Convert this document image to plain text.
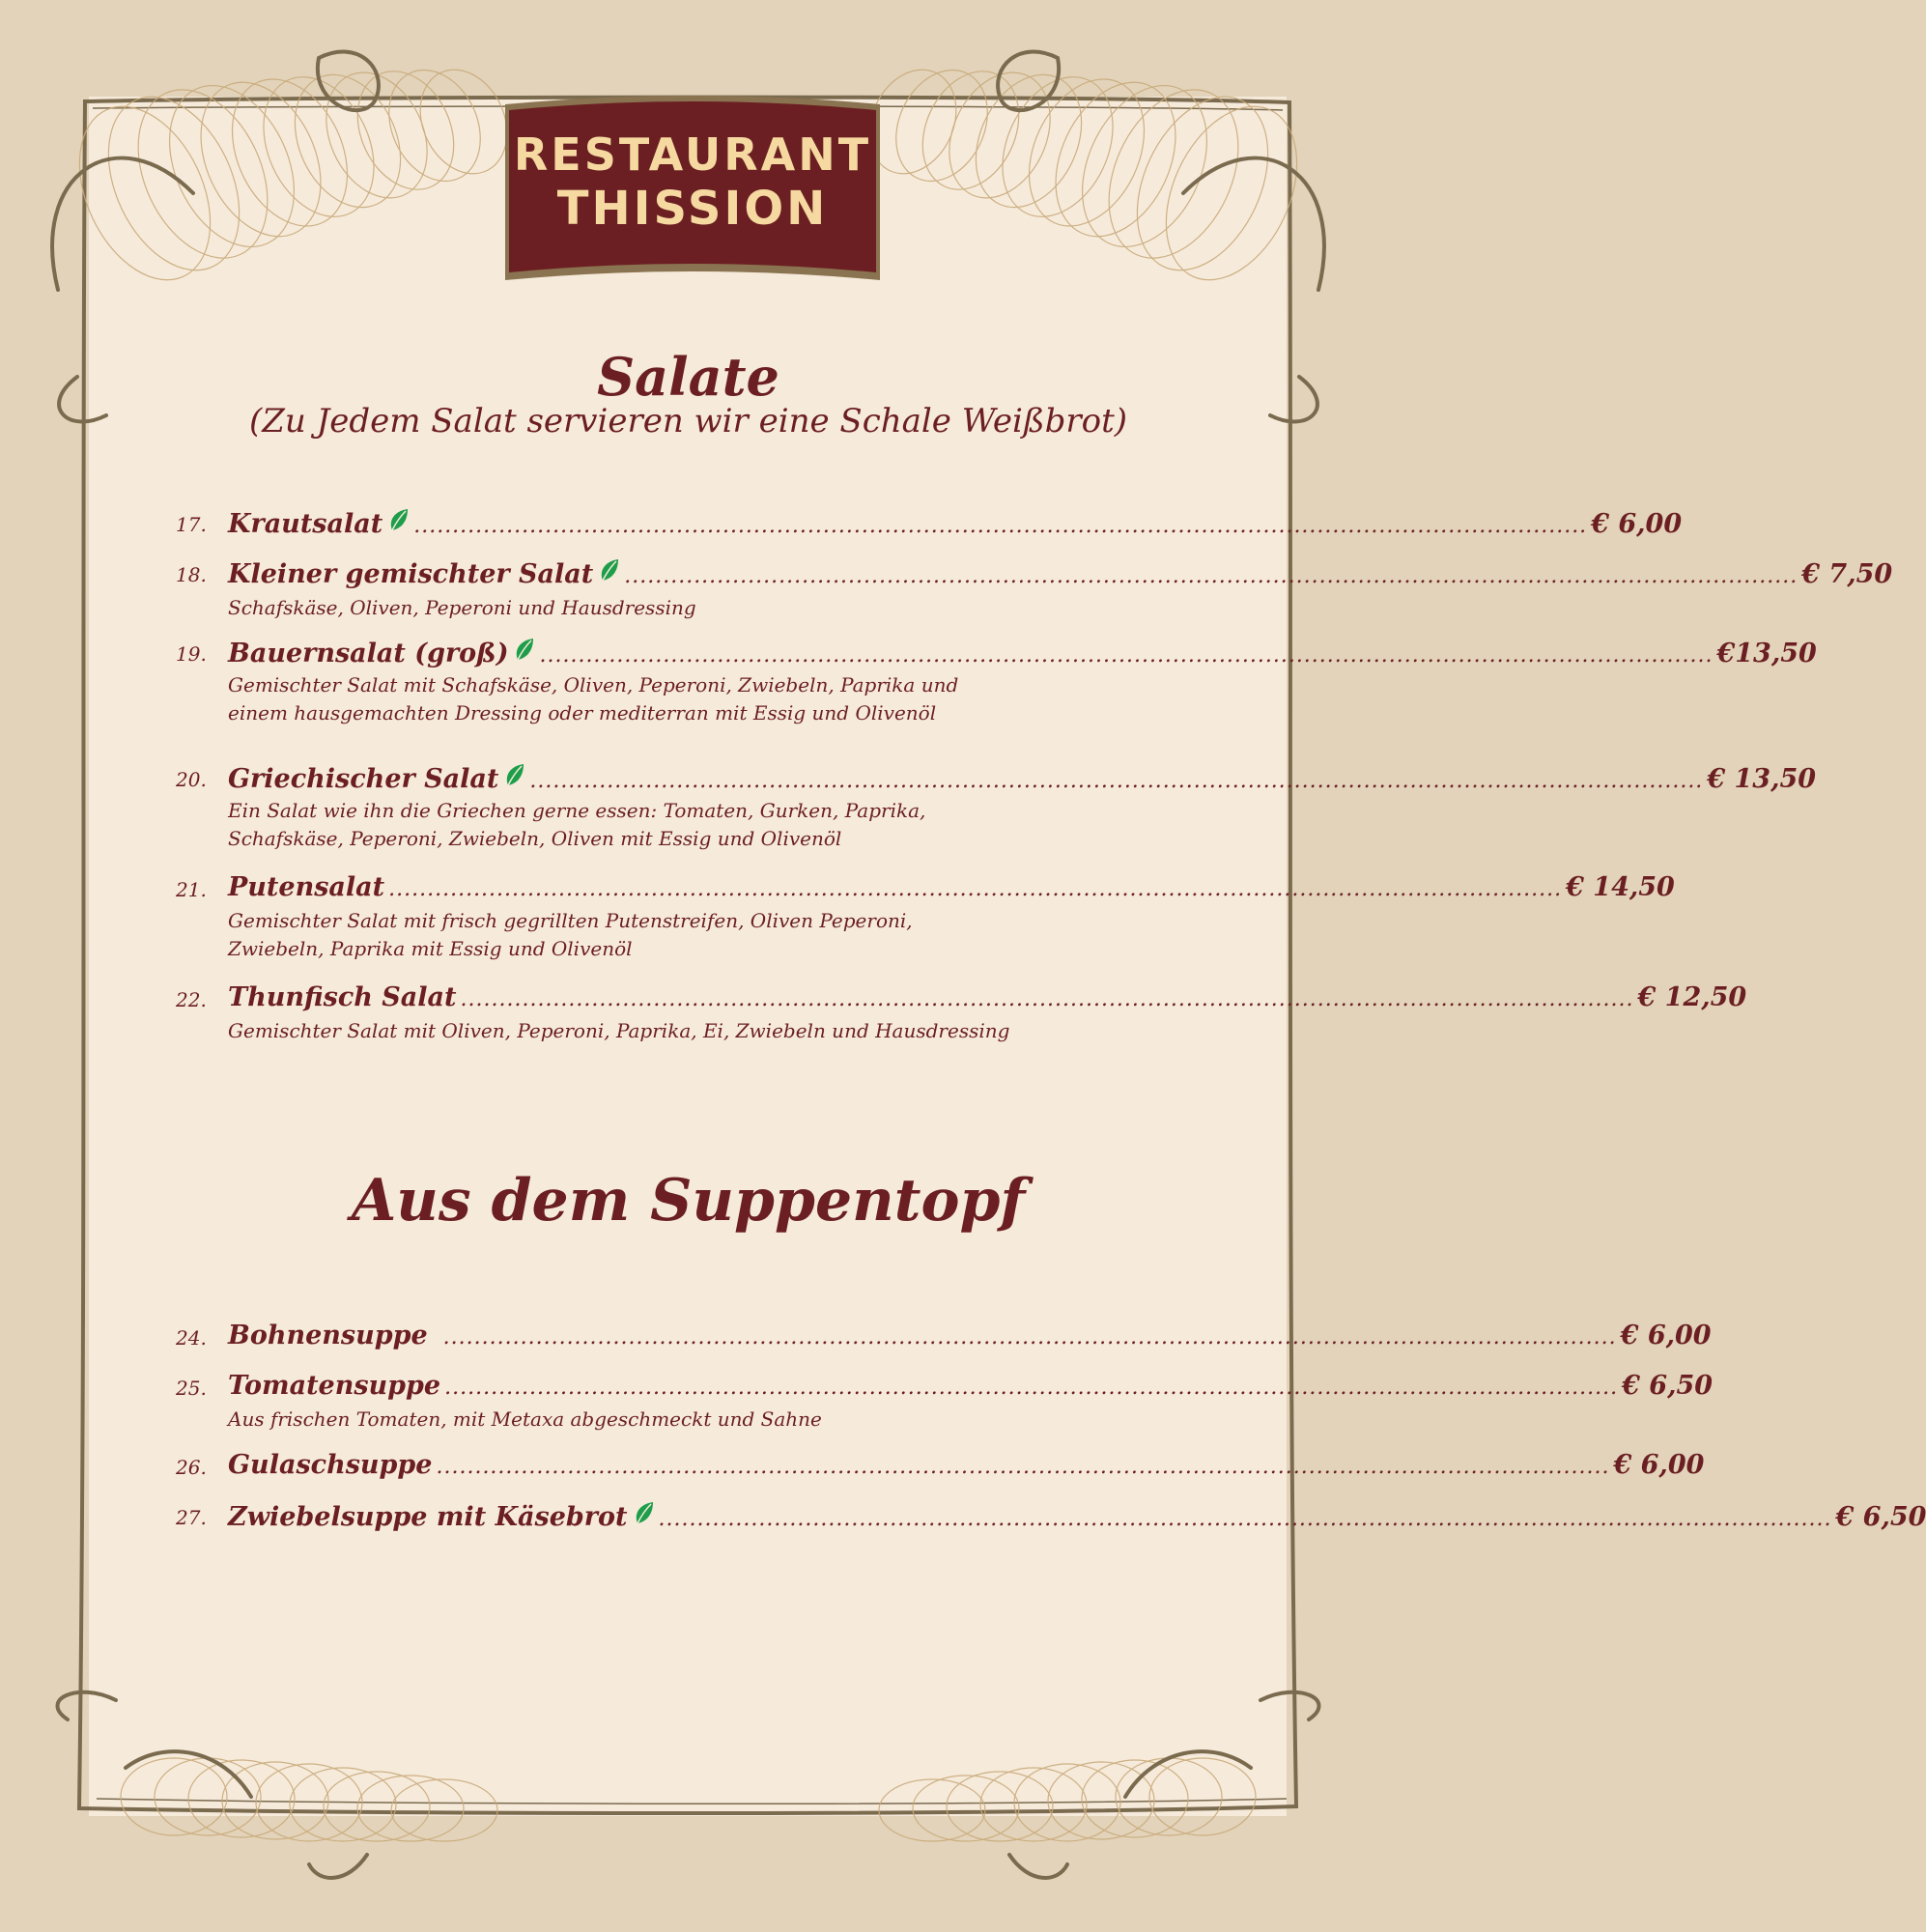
RESTAURANT
THISSION
Salate
(Zu Jedem Salat servieren wir eine Schale Weißbrot)
17. Krautsalat ........................................................................................................................................................ € 6,00
18. Kleiner gemischter Salat ........................................................................................................................................................ € 7,50
Schafskäse, Oliven, Peperoni und Hausdressing
19. Bauernsalat (groß) ........................................................................................................................................................ €13,50
Gemischter Salat mit Schafskäse, Oliven, Peperoni, Zwiebeln, Paprika und
einem hausgemachten Dressing oder mediterran mit Essig und Olivenöl
20. Griechischer Salat ........................................................................................................................................................ € 13,50
Ein Salat wie ihn die Griechen gerne essen: Tomaten, Gurken, Paprika,
Schafskäse, Peperoni, Zwiebeln, Oliven mit Essig und Olivenöl
21. Putensalat ........................................................................................................................................................ € 14,50
Gemischter Salat mit frisch gegrillten Putenstreifen, Oliven Peperoni,
Zwiebeln, Paprika mit Essig und Olivenöl
22. Thunfisch Salat ........................................................................................................................................................ € 12,50
Gemischter Salat mit Oliven, Peperoni, Paprika, Ei, Zwiebeln und Hausdressing
Aus dem Suppentopf
24. Bohnensuppe ........................................................................................................................................................ € 6,00
25. Tomatensuppe ........................................................................................................................................................ € 6,50
Aus frischen Tomaten, mit Metaxa abgeschmeckt und Sahne
26. Gulaschsuppe ........................................................................................................................................................ € 6,00
27. Zwiebelsuppe mit Käsebrot ........................................................................................................................................................ € 6,50
